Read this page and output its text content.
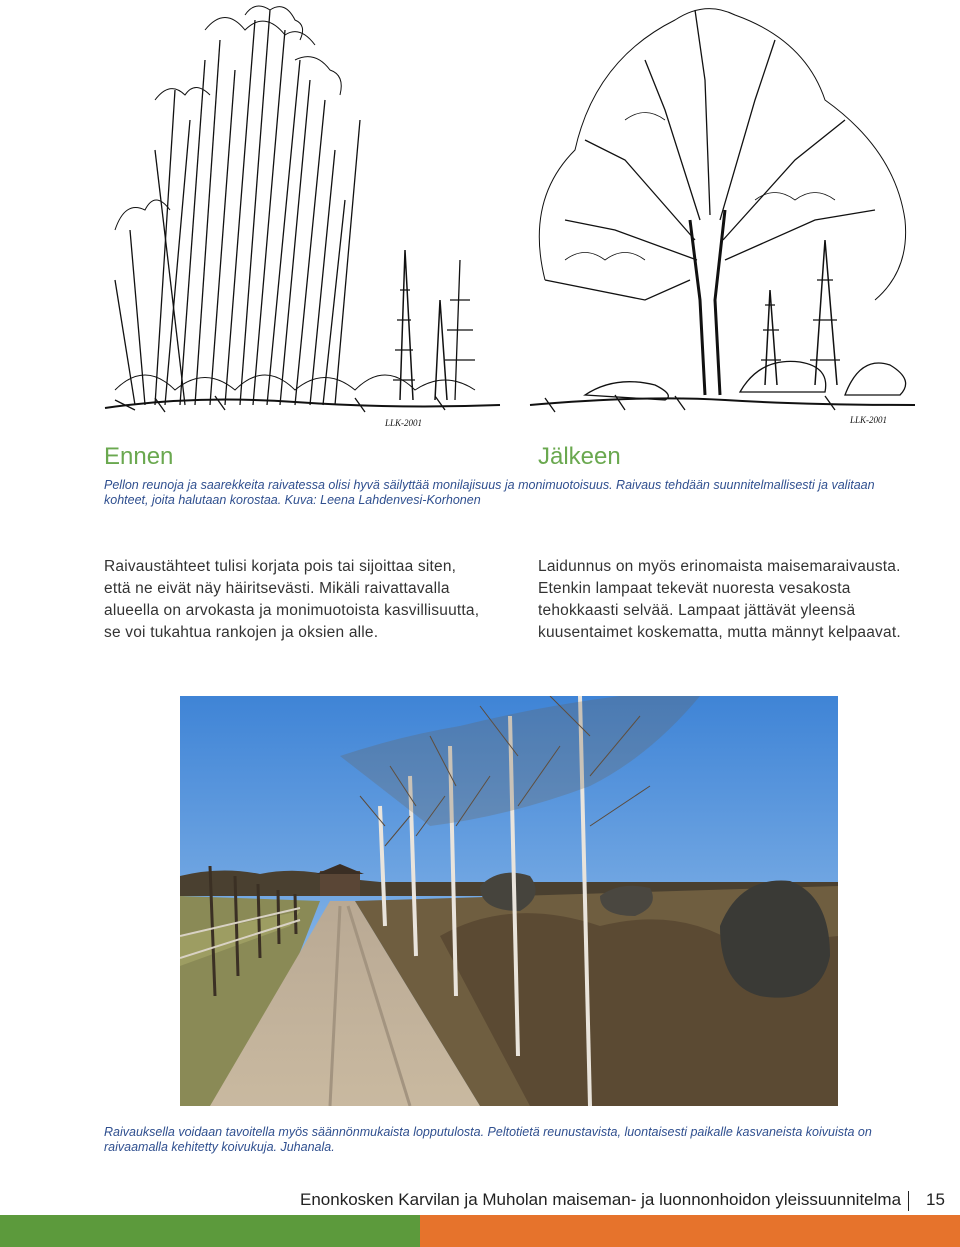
LLK-2001	LLK-2001
Ennen	Jälkeen

Pellon reunoja ja saarekkeita raivatessa olisi hyvä säilyttää monilajisuus ja monimuotoisuus. Raivaus tehdään suunnitelmallisesti ja valitaan kohteet, joita halutaan korostaa. Kuva: Leena Lahdenvesi-Korhonen

Raivaustähteet tulisi korjata pois tai sijoittaa siten, että ne eivät näy häiritsevästi. Mikäli raivattavalla alueella on arvokasta ja monimuotoista kasvillisuutta, se voi tukahtua rankojen ja oksien alle.

Laidunnus on myös erinomaista maisemaraivausta. Etenkin lampaat tekevät nuoresta vesakosta tehokkaasti selvää. Lampaat jättävät yleensä kuusentaimet koskematta, mutta männyt kelpaavat.

Raivauksella voidaan tavoitella myös säännönmukaista lopputulosta. Peltotietä reunustavista, luontaisesti paikalle kasvaneista koivuista on raivaamalla kehitetty koivukuja. Juhanala.

Enonkosken Karvilan ja Muholan maiseman- ja luonnonhoidon yleissuunnitelma 15
